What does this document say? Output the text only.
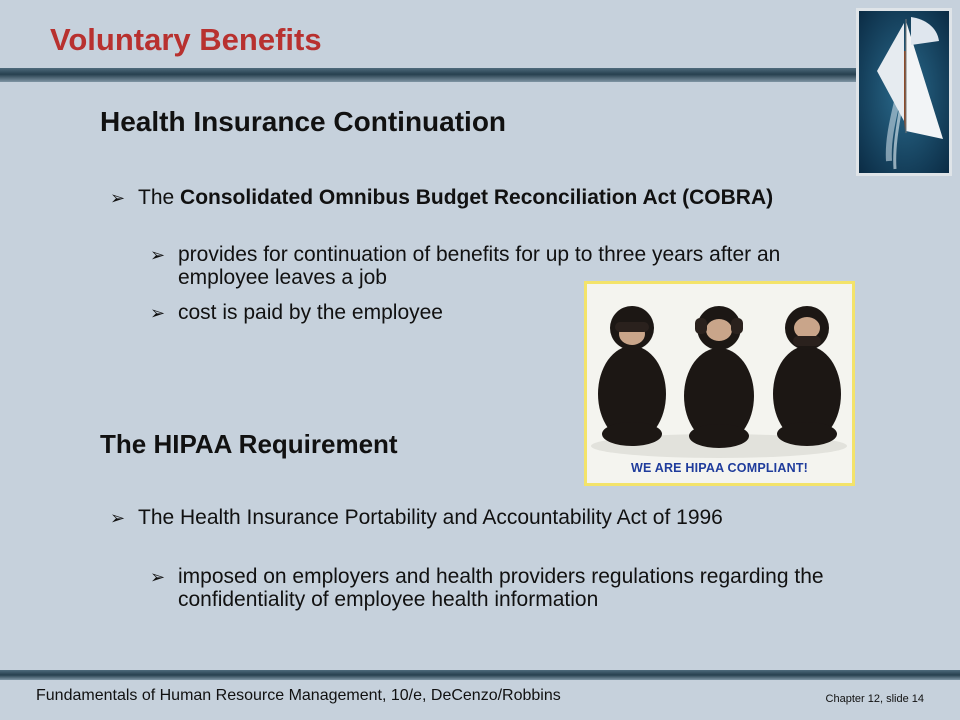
Voluntary Benefits
Health Insurance Continuation
➢ The Consolidated Omnibus Budget Reconciliation Act (COBRA)
➢ provides for continuation of benefits for up to three years after an employee leaves a job
➢ cost is paid by the employee
The HIPAA Requirement
➢ The Health Insurance Portability and Accountability Act of 1996
➢ imposed on employers and health providers regulations regarding the confidentiality of employee health information
WE ARE HIPAA COMPLIANT!
Fundamentals of Human Resource Management, 10/e, DeCenzo/Robbins	Chapter 12, slide 14
